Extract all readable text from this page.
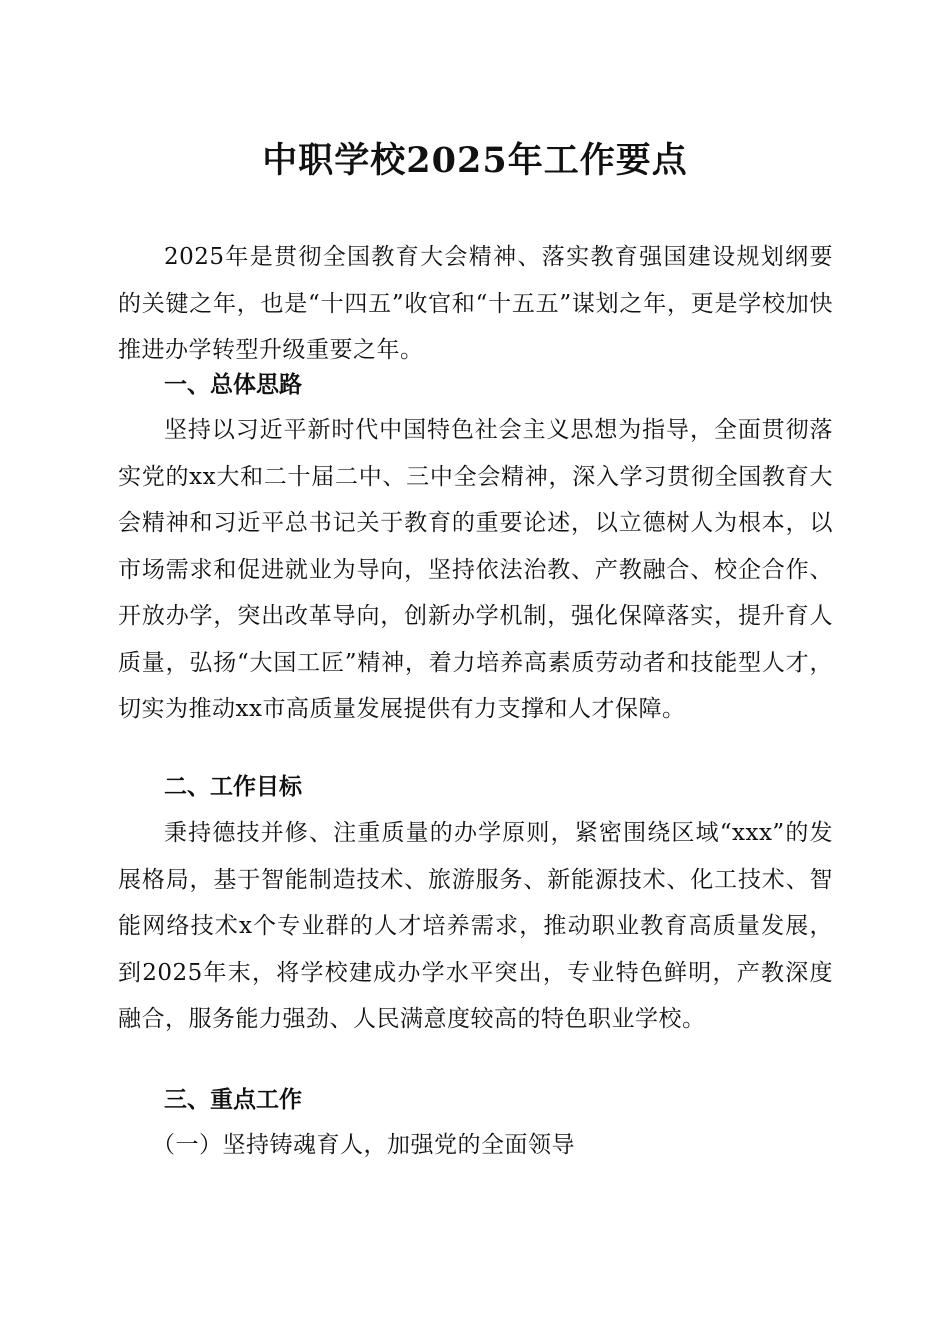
中职学校2025年工作要点
2025年是贯彻全国教育大会精神、落实教育强国建设规划纲要的关键之年，也是“十四五”收官和“十五五”谋划之年，更是学校加快推进办学转型升级重要之年。
一、总体思路
坚持以习近平新时代中国特色社会主义思想为指导，全面贯彻落实党的xx大和二十届二中、三中全会精神，深入学习贯彻全国教育大会精神和习近平总书记关于教育的重要论述，以立德树人为根本，以市场需求和促进就业为导向，坚持依法治教、产教融合、校企合作、开放办学，突出改革导向，创新办学机制，强化保障落实，提升育人质量，弘扬“大国工匠”精神，着力培养高素质劳动者和技能型人才，切实为推动xx市高质量发展提供有力支撑和人才保障。
二、工作目标
秉持德技并修、注重质量的办学原则，紧密围绕区域“xxx”的发展格局，基于智能制造技术、旅游服务、新能源技术、化工技术、智能网络技术x个专业群的人才培养需求，推动职业教育高质量发展，到2025年末，将学校建成办学水平突出，专业特色鲜明，产教深度融合，服务能力强劲、人民满意度较高的特色职业学校。
三、重点工作
（一）坚持铸魂育人，加强党的全面领导
